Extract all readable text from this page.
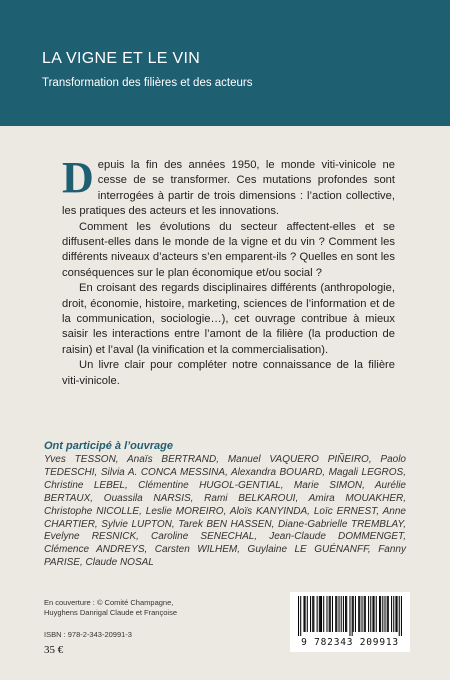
LA VIGNE ET LE VIN
Transformation des filières et des acteurs

Depuis la fin des années 1950, le monde viti-vinicole ne cesse de se transformer. Ces mutations profondes sont interrogées à partir de trois dimensions : l’action collective, les pratiques des acteurs et les innovations.

Comment les évolutions du secteur affectent-elles et se diffusent-elles dans le monde de la vigne et du vin ? Comment les différents niveaux d’acteurs s’en emparent-ils ? Quelles en sont les conséquences sur le plan économique et/ou social ?

En croisant des regards disciplinaires différents (anthropologie, droit, économie, histoire, marketing, sciences de l’information et de la communication, sociologie…), cet ouvrage contribue à mieux saisir les interactions entre l’amont de la filière (la production de raisin) et l’aval (la vinification et la commercialisation).

Un livre clair pour compléter notre connaissance de la filière viti-vinicole.

Ont participé à l’ouvrage
Yves TESSON, Anaïs BERTRAND, Manuel VAQUERO PIÑEIRO, Paolo TEDESCHI, Silvia A. CONCA MESSINA, Alexandra BOUARD, Magali LEGROS, Christine LEBEL, Clémentine HUGOL-GENTIAL, Marie SIMON, Aurélie BERTAUX, Ouassila NARSIS, Rami BELKAROUI, Amira MOUAKHER, Christophe NICOLLE, Leslie MOREIRO, Aloïs KANYINDA, Loïc ERNEST, Anne CHARTIER, Sylvie LUPTON, Tarek BEN HASSEN, Diane-Gabrielle TREMBLAY, Evelyne RESNICK, Caroline SENECHAL, Jean-Claude DOMMENGET, Clémence ANDREYS, Carsten WILHEM, Guylaine LE GUÉNANFF, Fanny PARISE, Claude NOSAL
En couverture : © Comité Champagne,
Huyghens Danrigal Claude et Françoise
ISBN : 978-2-343-20991-3
35 €
9 782343 209913
